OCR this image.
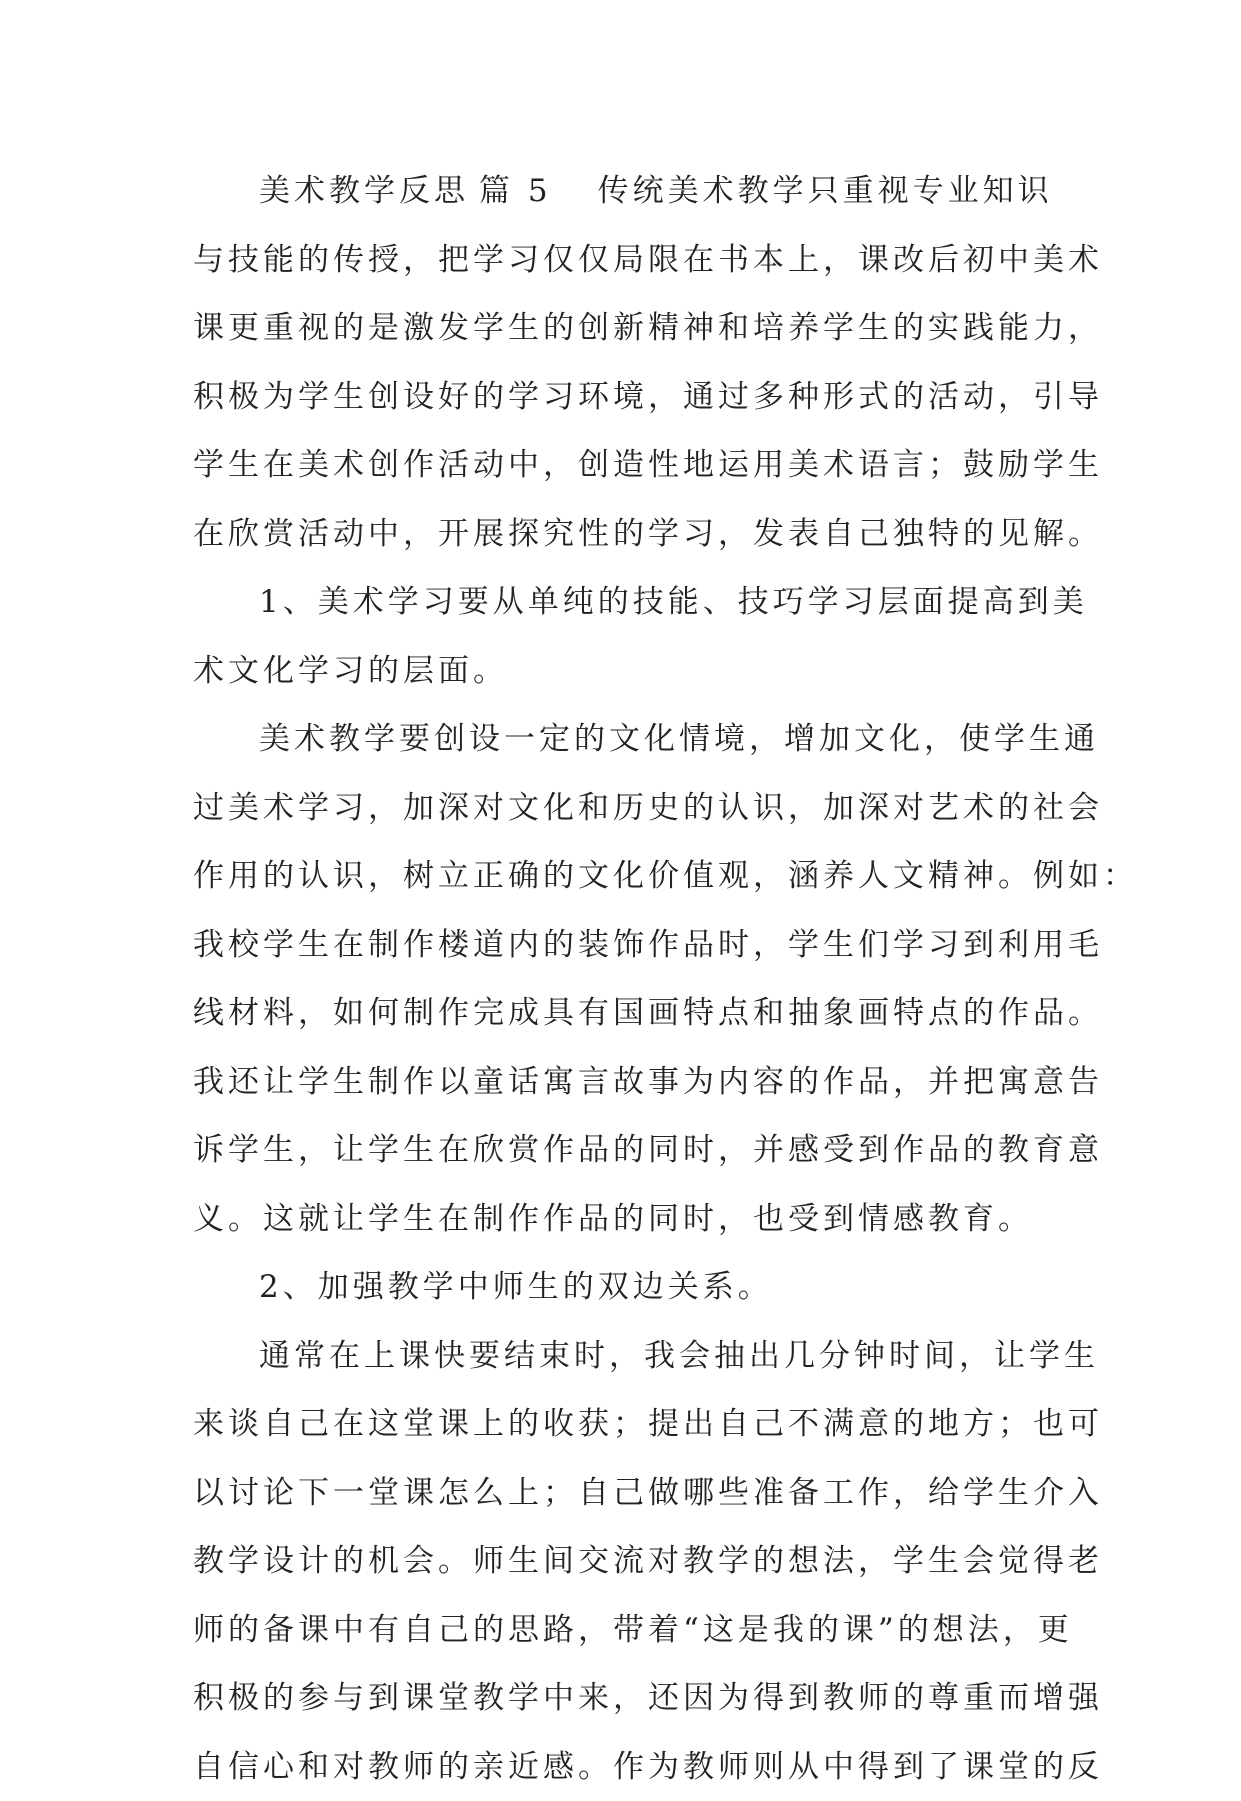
美术教学反思 篇 5 传统美术教学只重视专业知识
与技能的传授，把学习仅仅局限在书本上，课改后初中美术
课更重视的是激发学生的创新精神和培养学生的实践能力，
积极为学生创设好的学习环境，通过多种形式的活动，引导
学生在美术创作活动中，创造性地运用美术语言；鼓励学生
在欣赏活动中，开展探究性的学习，发表自己独特的见解。
1、美术学习要从单纯的技能、技巧学习层面提高到美
术文化学习的层面。
美术教学要创设一定的文化情境，增加文化，使学生通
过美术学习，加深对文化和历史的认识，加深对艺术的社会
作用的认识，树立正确的文化价值观，涵养人文精神。例如：
我校学生在制作楼道内的装饰作品时，学生们学习到利用毛
线材料，如何制作完成具有国画特点和抽象画特点的作品。
我还让学生制作以童话寓言故事为内容的作品，并把寓意告
诉学生，让学生在欣赏作品的同时，并感受到作品的教育意
义。这就让学生在制作作品的同时，也受到情感教育。
2、加强教学中师生的双边关系。
通常在上课快要结束时，我会抽出几分钟时间，让学生
来谈自己在这堂课上的收获；提出自己不满意的地方；也可
以讨论下一堂课怎么上；自己做哪些准备工作，给学生介入
教学设计的机会。师生间交流对教学的想法，学生会觉得老
师的备课中有自己的思路，带着“这是我的课”的想法，更
积极的参与到课堂教学中来，还因为得到教师的尊重而增强
自信心和对教师的亲近感。作为教师则从中得到了课堂的反
